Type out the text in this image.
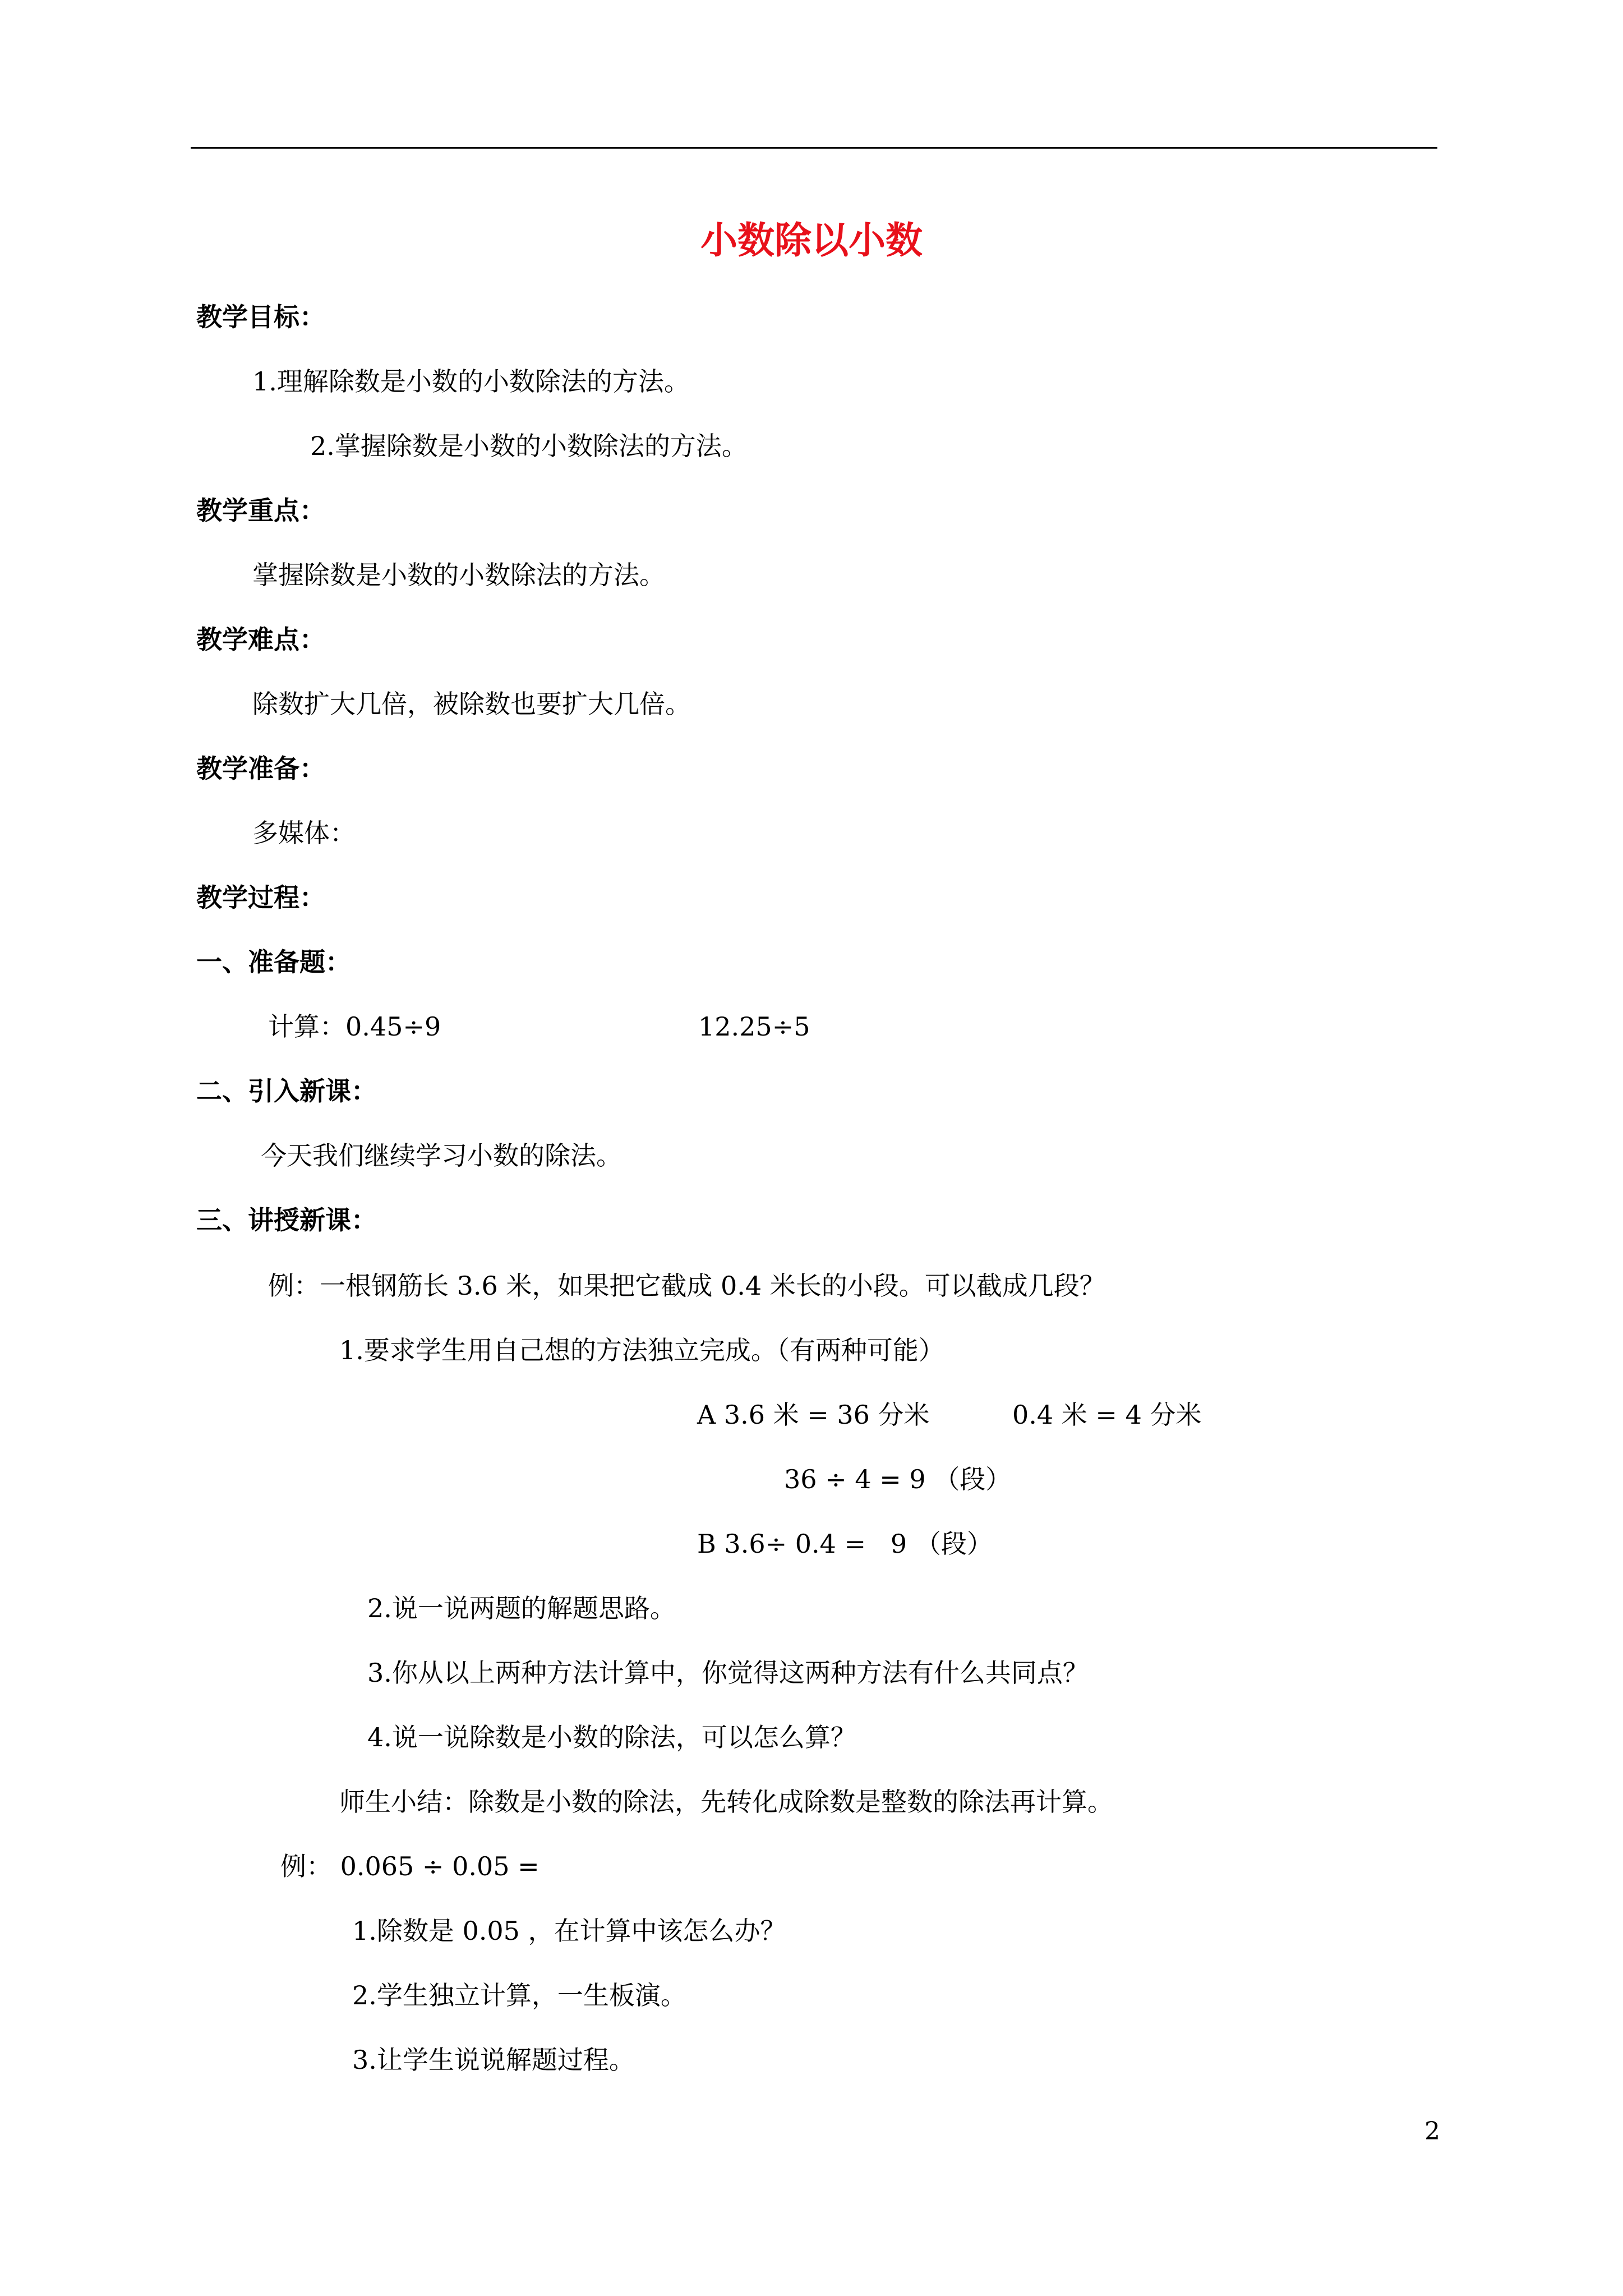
小数除以小数
教学目标：
1.理解除数是小数的小数除法的方法。
2.掌握除数是小数的小数除法的方法。
教学重点：
掌握除数是小数的小数除法的方法。
教学难点：
除数扩大几倍，被除数也要扩大几倍。
教学准备：
多媒体：
教学过程：
一、准备题：
计算：0.45÷9	12.25÷5
二、引入新课：
今天我们继续学习小数的除法。
三、讲授新课：
例：一根钢筋长 3.6 米，如果把它截成 0.4 米长的小段。可以截成几段？
1.要求学生用自己想的方法独立完成。（有两种可能）
A 3.6 米 = 36 分米	0.4 米 = 4 分米
36 ÷ 4 = 9 （段）
B 3.6÷ 0.4 =   9 （段）
2.说一说两题的解题思路。
3.你从以上两种方法计算中，你觉得这两种方法有什么共同点？
4.说一说除数是小数的除法，可以怎么算？
师生小结：除数是小数的除法，先转化成除数是整数的除法再计算。
例： 0.065 ÷ 0.05 =
1.除数是 0.05 ，在计算中该怎么办？
2.学生独立计算，一生板演。
3.让学生说说解题过程。
2
